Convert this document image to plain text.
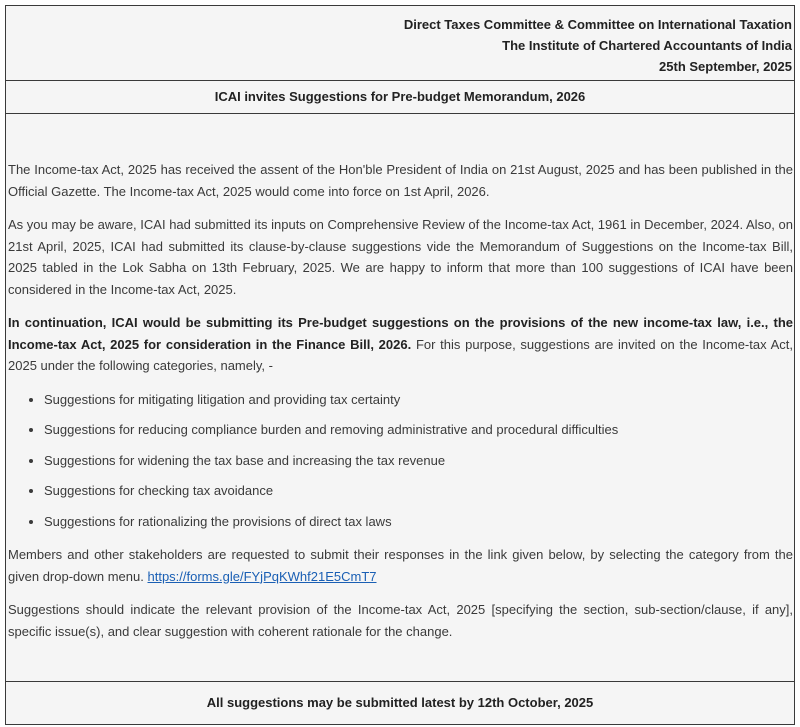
Direct Taxes Committee & Committee on International Taxation
The Institute of Chartered Accountants of India
25th September, 2025

ICAI invites Suggestions for Pre-budget Memorandum, 2026

The Income-tax Act, 2025 has received the assent of the Hon'ble President of India on 21st August, 2025 and has been published in the Official Gazette. The Income-tax Act, 2025 would come into force on 1st April, 2026.

As you may be aware, ICAI had submitted its inputs on Comprehensive Review of the Income-tax Act, 1961 in December, 2024. Also, on 21st April, 2025, ICAI had submitted its clause-by-clause suggestions vide the Memorandum of Suggestions on the Income-tax Bill, 2025 tabled in the Lok Sabha on 13th February, 2025. We are happy to inform that more than 100 suggestions of ICAI have been considered in the Income-tax Act, 2025.

In continuation, ICAI would be submitting its Pre-budget suggestions on the provisions of the new income-tax law, i.e., the Income-tax Act, 2025 for consideration in the Finance Bill, 2026. For this purpose, suggestions are invited on the Income-tax Act, 2025 under the following categories, namely, -

• Suggestions for mitigating litigation and providing tax certainty
• Suggestions for reducing compliance burden and removing administrative and procedural difficulties
• Suggestions for widening the tax base and increasing the tax revenue
• Suggestions for checking tax avoidance
• Suggestions for rationalizing the provisions of direct tax laws

Members and other stakeholders are requested to submit their responses in the link given below, by selecting the category from the given drop-down menu. https://forms.gle/FYjPqKWhf21E5CmT7

Suggestions should indicate the relevant provision of the Income-tax Act, 2025 [specifying the section, sub-section/clause, if any], specific issue(s), and clear suggestion with coherent rationale for the change.

All suggestions may be submitted latest by 12th October, 2025
